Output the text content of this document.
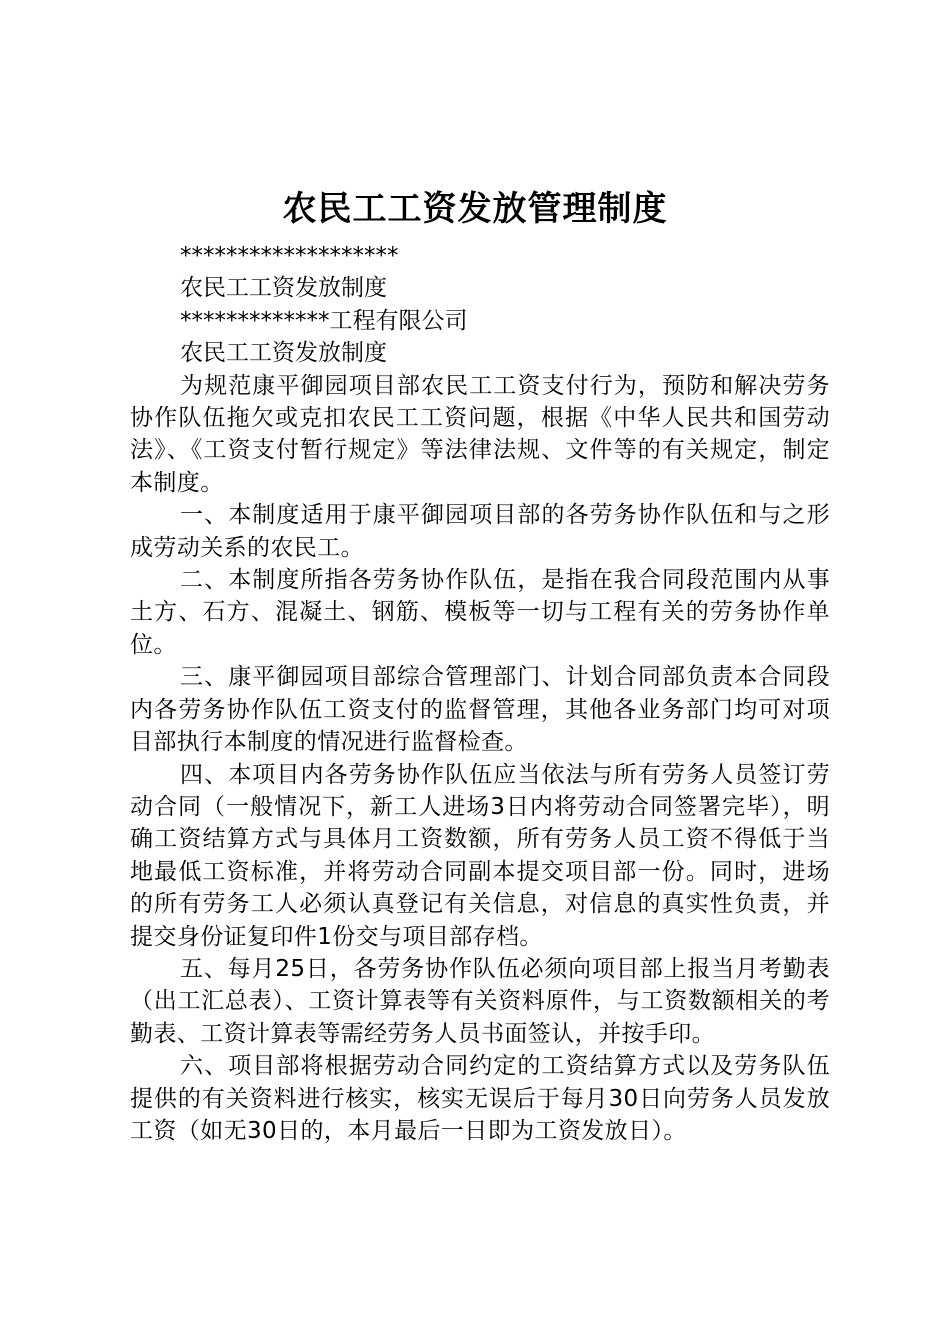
农民工工资发放管理制度

*******************

农民工工资发放制度

*************工程有限公司

农民工工资发放制度

为规范康平御园项目部农民工工资支付行为，预防和解决劳务协作队伍拖欠或克扣农民工工资问题，根据《中华人民共和国劳动法》、《工资支付暂行规定》等法律法规、文件等的有关规定，制定本制度。

一、本制度适用于康平御园项目部的各劳务协作队伍和与之形成劳动关系的农民工。

二、本制度所指各劳务协作队伍，是指在我合同段范围内从事土方、石方、混凝土、钢筋、模板等一切与工程有关的劳务协作单位。

三、康平御园项目部综合管理部门、计划合同部负责本合同段内各劳务协作队伍工资支付的监督管理，其他各业务部门均可对项目部执行本制度的情况进行监督检查。

四、本项目内各劳务协作队伍应当依法与所有劳务人员签订劳动合同（一般情况下，新工人进场3日内将劳动合同签署完毕），明确工资结算方式与具体月工资数额，所有劳务人员工资不得低于当地最低工资标准，并将劳动合同副本提交项目部一份。同时，进场的所有劳务工人必须认真登记有关信息，对信息的真实性负责，并提交身份证复印件1份交与项目部存档。

五、每月25日，各劳务协作队伍必须向项目部上报当月考勤表（出工汇总表）、工资计算表等有关资料原件，与工资数额相关的考勤表、工资计算表等需经劳务人员书面签认，并按手印。

六、项目部将根据劳动合同约定的工资结算方式以及劳务队伍提供的有关资料进行核实，核实无误后于每月30日向劳务人员发放工资（如无30日的，本月最后一日即为工资发放日）。
